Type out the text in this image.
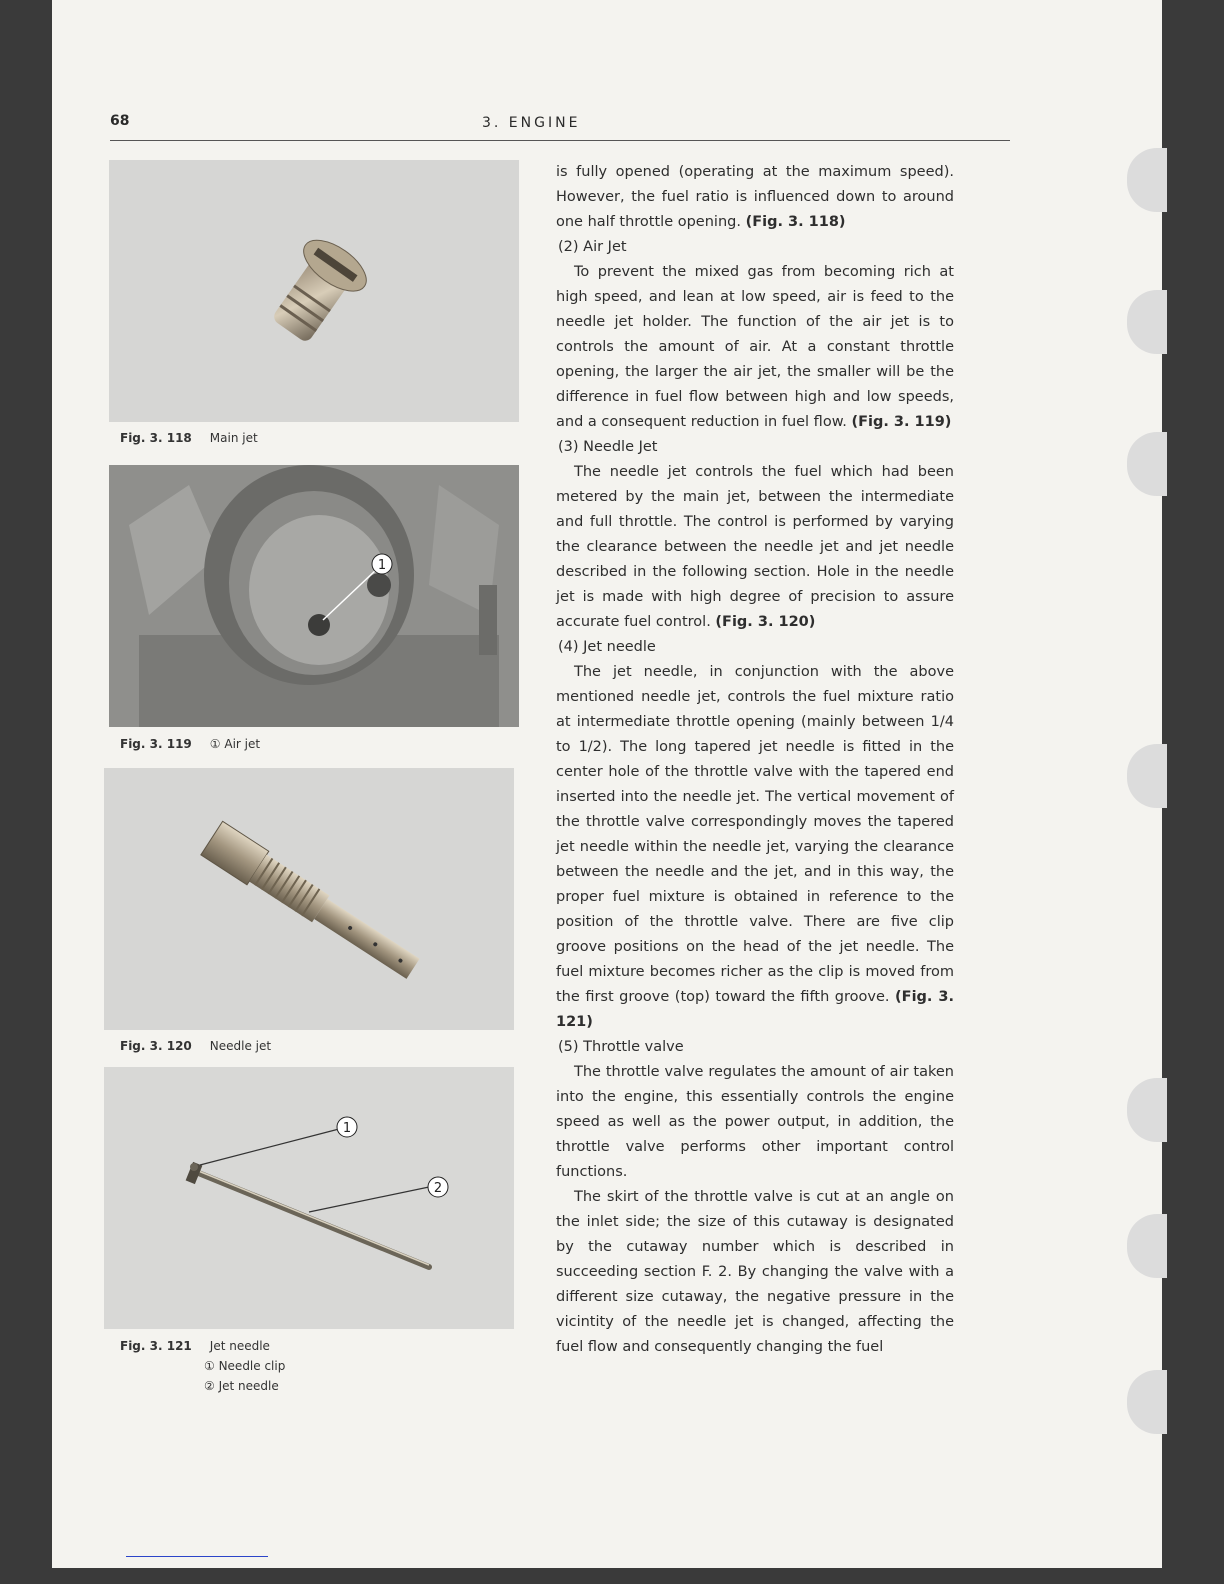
68	3. ENGINE
Fig. 3. 118 Main jet
1
Fig. 3. 119 ① Air jet
Fig. 3. 120 Needle jet
1
2
Fig. 3. 121 Jet needle
① Needle clip
② Jet needle

is fully opened (operating at the maximum speed). However, the fuel ratio is influenced down to around one half throttle opening. (Fig. 3. 118)

(2) Air Jet

To prevent the mixed gas from becoming rich at high speed, and lean at low speed, air is feed to the needle jet holder. The function of the air jet is to controls the amount of air. At a constant throttle opening, the larger the air jet, the smaller will be the difference in fuel flow between high and low speeds, and a consequent reduction in fuel flow. (Fig. 3. 119)

(3) Needle Jet

The needle jet controls the fuel which had been metered by the main jet, between the intermediate and full throttle. The control is performed by varying the clearance between the needle jet and jet needle described in the following section. Hole in the needle jet is made with high degree of precision to assure accurate fuel control. (Fig. 3. 120)

(4) Jet needle

The jet needle, in conjunction with the above mentioned needle jet, controls the fuel mixture ratio at intermediate throttle opening (mainly between 1/4 to 1/2). The long tapered jet needle is fitted in the center hole of the throttle valve with the tapered end inserted into the needle jet. The vertical movement of the throttle valve correspondingly moves the tapered jet needle within the needle jet, varying the clearance between the needle and the jet, and in this way, the proper fuel mixture is obtained in reference to the position of the throttle valve. There are five clip groove positions on the head of the jet needle. The fuel mixture becomes richer as the clip is moved from the first groove (top) toward the fifth groove. (Fig. 3. 121)

(5) Throttle valve

The throttle valve regulates the amount of air taken into the engine, this essentially controls the engine speed as well as the power output, in addition, the throttle valve performs other important control functions.

The skirt of the throttle valve is cut at an angle on the inlet side; the size of this cutaway is designated by the cutaway number which is described in succeeding section F. 2. By changing the valve with a different size cutaway, the negative pressure in the vicintity of the needle jet is changed, affecting the fuel flow and consequently changing the fuel
